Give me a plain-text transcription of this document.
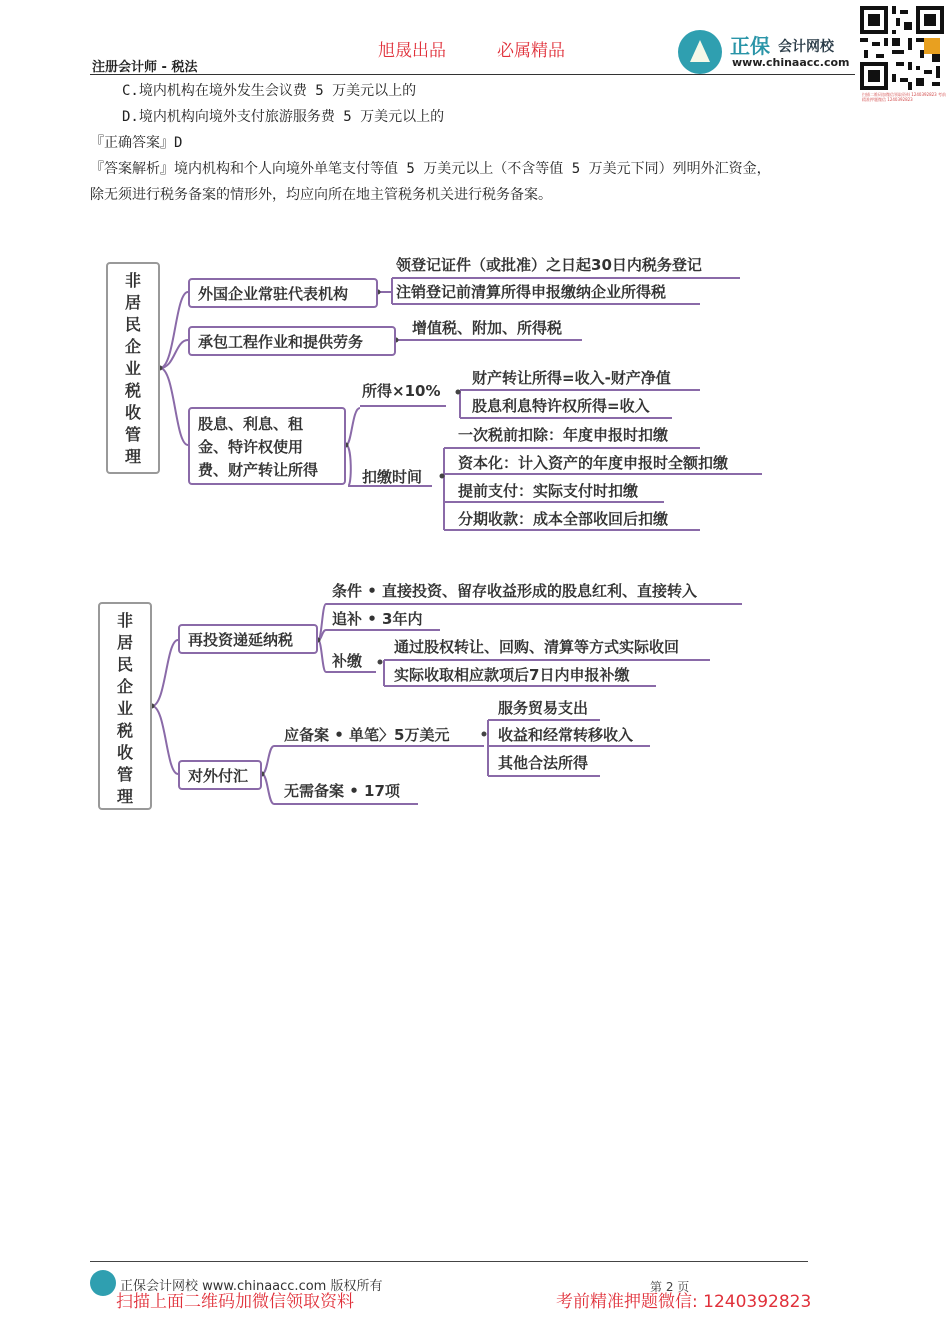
旭晟出品	必属精品
注册会计师 - 税法
正保 会计网校
www.chinaacc.com
扫描二维码加微信领取资料 1240392823 考前精准押题微信 1240392823
C.境内机构在境外发生会议费 5 万美元以上的
D.境内机构向境外支付旅游服务费 5 万美元以上的
『正确答案』D
『答案解析』境内机构和个人向境外单笔支付等值 5 万美元以上（不含等值 5 万美元下同）列明外汇资金，
除无须进行税务备案的情形外，均应向所在地主管税务机关进行税务备案。
非居民企业税收管理
外国企业常驻代表机构
领登记证件（或批准）之日起30日内税务登记
注销登记前清算所得申报缴纳企业所得税
承包工程作业和提供劳务
增值税、附加、所得税
股息、利息、租
金、特许权使用
费、财产转让所得
所得×10%
财产转让所得=收入-财产净值
股息利息特许权所得=收入
扣缴时间
一次税前扣除：年度申报时扣缴
资本化：计入资产的年度申报时全额扣缴
提前支付：实际支付时扣缴
分期收款：成本全部收回后扣缴
非居民企业税收管理
再投资递延纳税
条件 • 直接投资、留存收益形成的股息红利、直接转入
追补 • 3年内
补缴
通过股权转让、回购、清算等方式实际收回
实际收取相应款项后7日内申报补缴
对外付汇
应备案 • 单笔〉5万美元
服务贸易支出
收益和经常转移收入
其他合法所得
无需备案 • 17项
正保会计网校 www.chinaacc.com 版权所有	第 2 页
扫描上面二维码加微信领取资料	考前精准押题微信: 1240392823
